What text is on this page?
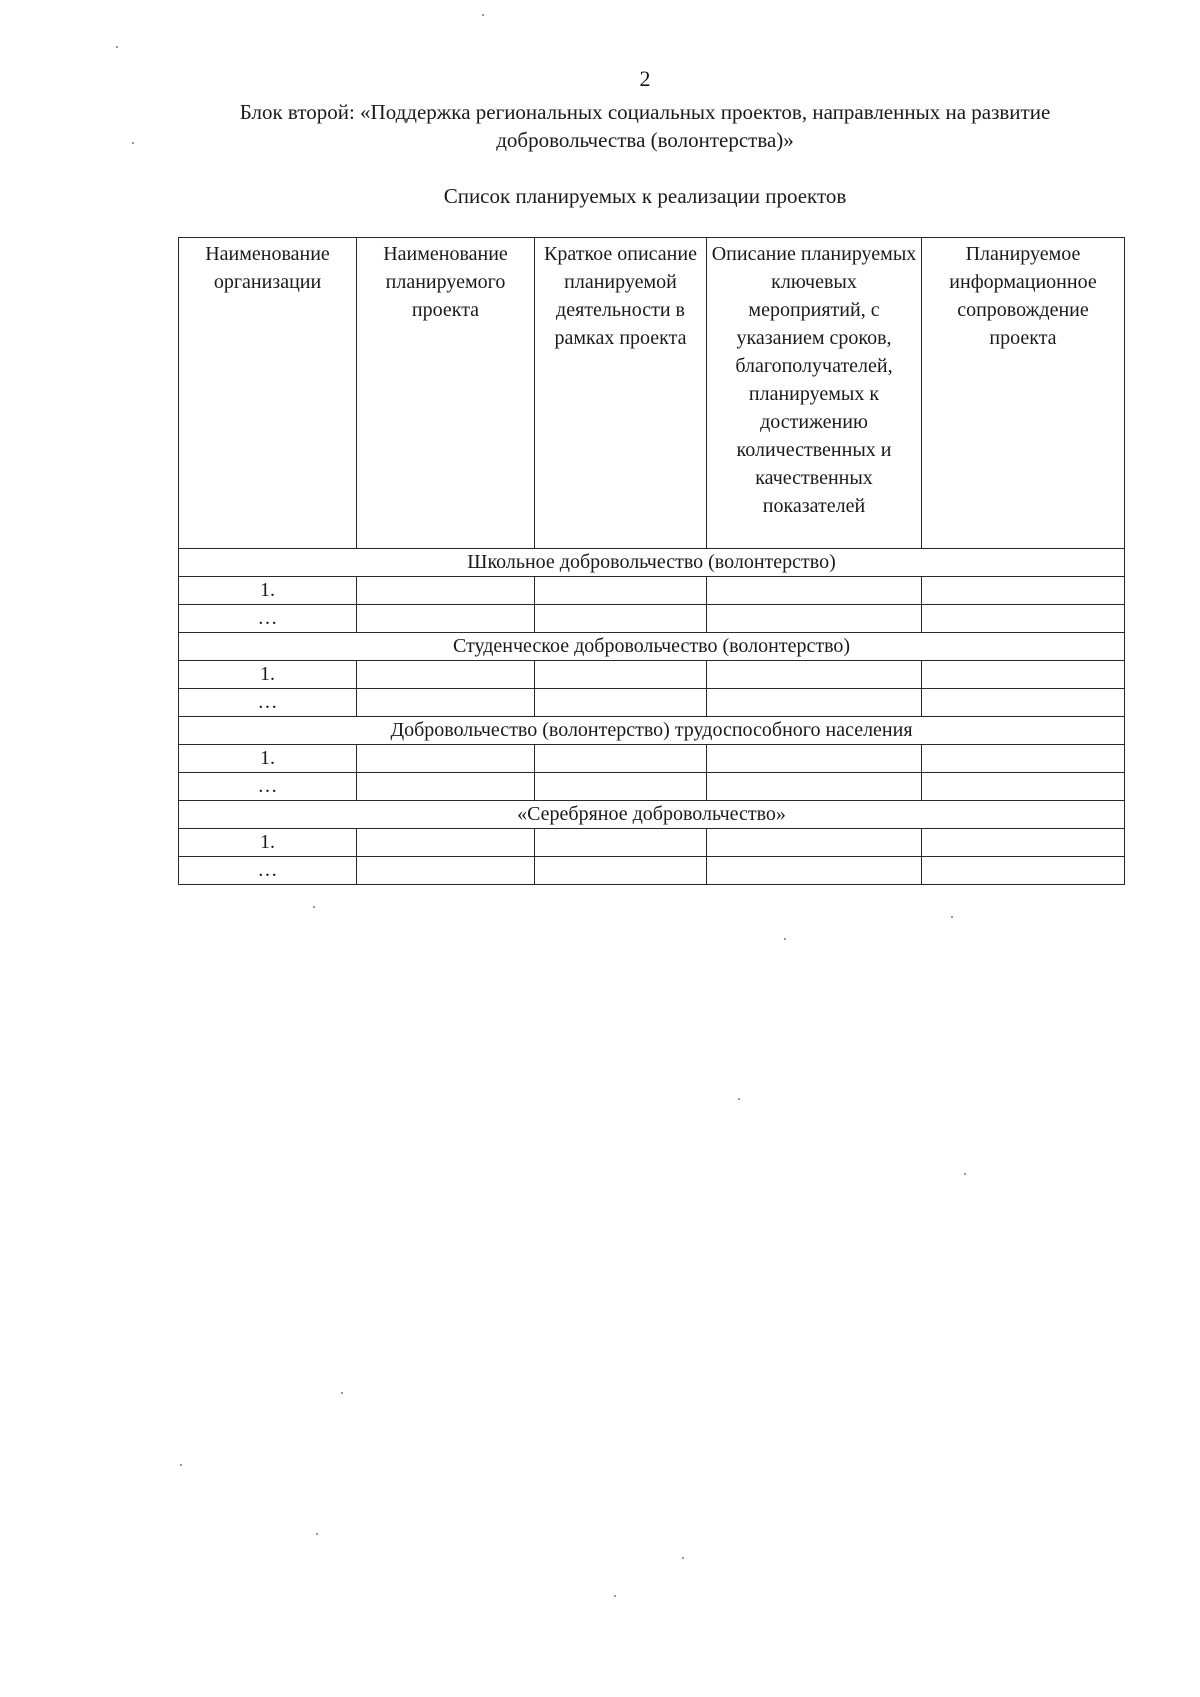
2
Блок второй: «Поддержка региональных социальных проектов, направленных на развитие добровольчества (волонтерства)»
Список планируемых к реализации проектов
Наименование организации	Наименование планируемого проекта	Краткое описание планируемой деятельности в рамках проекта	Описание планируемых ключевых мероприятий, с указанием сроков, благополучателей, планируемых к достижению количественных и качественных показателей	Планируемое информационное сопровождение проекта
Школьное добровольчество (волонтерство)				
1.				
…				
Студенческое добровольчество (волонтерство)				
1.				
…				
Добровольчество (волонтерство) трудоспособного населения				
1.				
…				
«Серебряное добровольчество»				
1.				
…				
